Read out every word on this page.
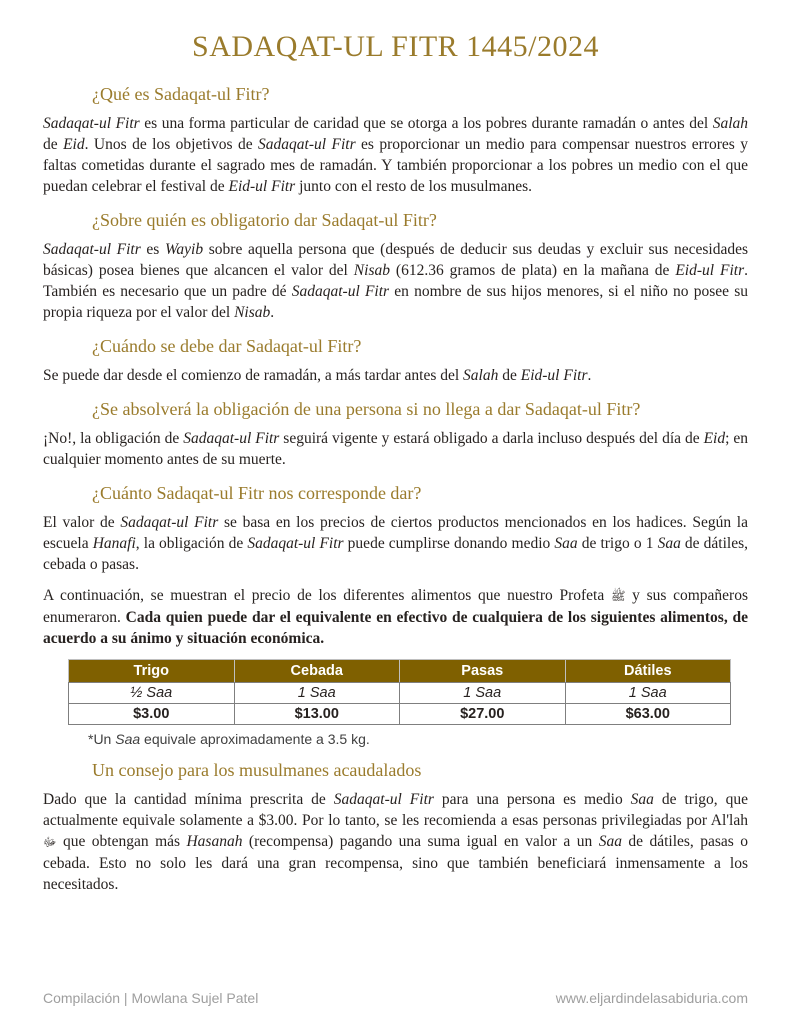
SADAQAT-UL FITR 1445/2024
¿Qué es Sadaqat-ul Fitr?

Sadaqat-ul Fitr es una forma particular de caridad que se otorga a los pobres durante ramadán o antes del Salah de Eid. Unos de los objetivos de Sadaqat-ul Fitr es proporcionar un medio para compensar nuestros errores y faltas cometidas durante el sagrado mes de ramadán. Y también proporcionar a los pobres un medio con el que puedan celebrar el festival de Eid-ul Fitr junto con el resto de los musulmanes.

¿Sobre quién es obligatorio dar Sadaqat-ul Fitr?

Sadaqat-ul Fitr es Wayib sobre aquella persona que (después de deducir sus deudas y excluir sus necesidades básicas) posea bienes que alcancen el valor del Nisab (612.36 gramos de plata) en la mañana de Eid-ul Fitr. También es necesario que un padre dé Sadaqat-ul Fitr en nombre de sus hijos menores, si el niño no posee su propia riqueza por el valor del Nisab.

¿Cuándo se debe dar Sadaqat-ul Fitr?

Se puede dar desde el comienzo de ramadán, a más tardar antes del Salah de Eid-ul Fitr.

¿Se absolverá la obligación de una persona si no llega a dar Sadaqat-ul Fitr?

¡No!, la obligación de Sadaqat-ul Fitr seguirá vigente y estará obligado a darla incluso después del día de Eid; en cualquier momento antes de su muerte.

¿Cuánto Sadaqat-ul Fitr nos corresponde dar?

El valor de Sadaqat-ul Fitr se basa en los precios de ciertos productos mencionados en los hadices. Según la escuela Hanafi, la obligación de Sadaqat-ul Fitr puede cumplirse donando medio Saa de trigo o 1 Saa de dátiles, cebada o pasas.

A continuación, se muestran el precio de los diferentes alimentos que nuestro Profeta ﷺ y sus compañeros enumeraron. Cada quien puede dar el equivalente en efectivo de cualquiera de los siguientes alimentos, de acuerdo a su ánimo y situación económica.

Trigo	Cebada	Pasas	Dátiles
½ Saa	1 Saa	1 Saa	1 Saa
$3.00	$13.00	$27.00	$63.00

*Un Saa equivale aproximadamente a 3.5 kg.

Un consejo para los musulmanes acaudalados

Dado que la cantidad mínima prescrita de Sadaqat-ul Fitr para una persona es medio Saa de trigo, que actualmente equivale solamente a $3.00. Por lo tanto, se les recomienda a esas personas privilegiadas por Al'lah ﷻ que obtengan más Hasanah (recompensa) pagando una suma igual en valor a un Saa de dátiles, pasas o cebada. Esto no solo les dará una gran recompensa, sino que también beneficiará inmensamente a los necesitados.

Compilación | Mowlana Sujel Patel	www.eljardindelasabiduria.com
